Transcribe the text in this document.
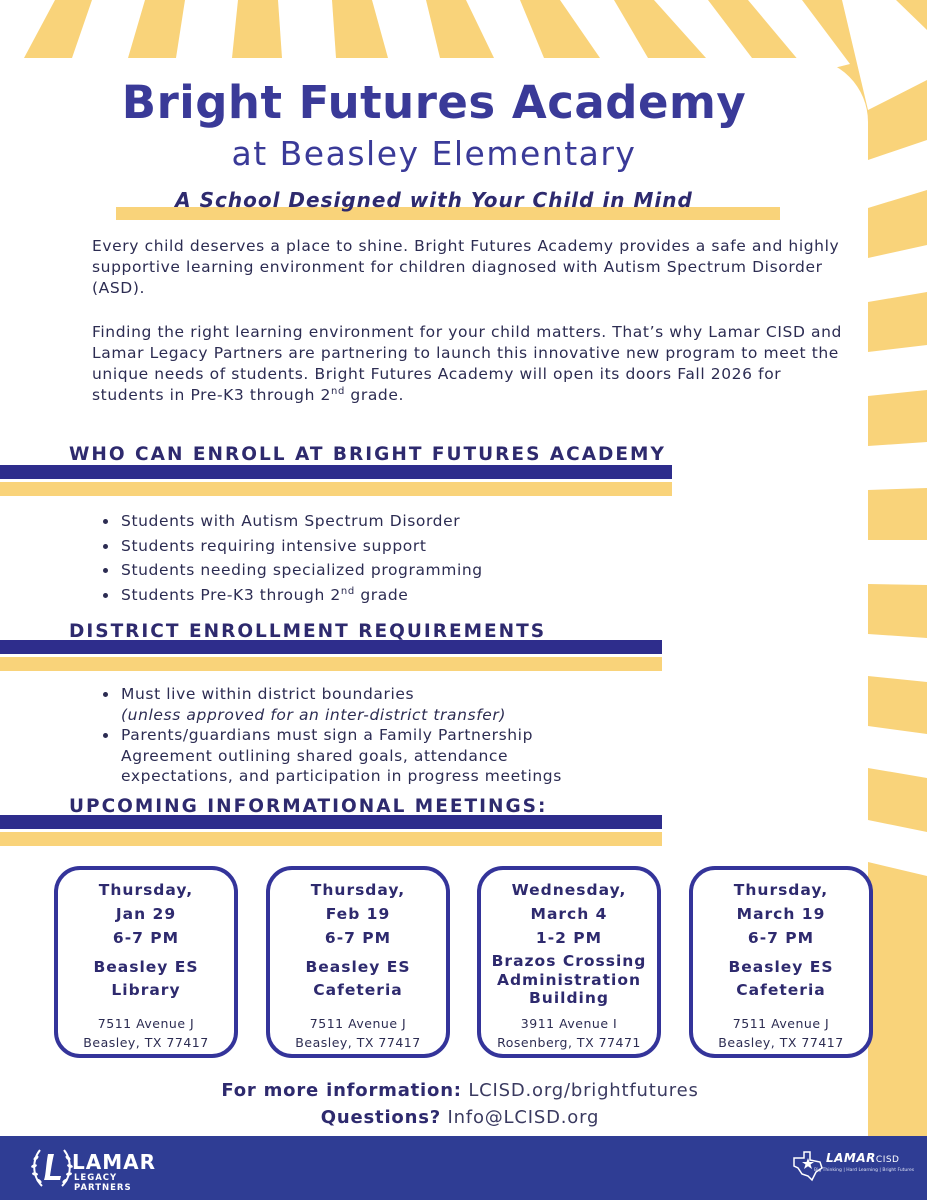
Bright Futures Academy
at Beasley Elementary
A School Designed with Your Child in Mind

Every child deserves a place to shine. Bright Futures Academy provides a safe and highly supportive learning environment for children diagnosed with Autism Spectrum Disorder (ASD).

Finding the right learning environment for your child matters. That’s why Lamar CISD and Lamar Legacy Partners are partnering to launch this innovative new program to meet the unique needs of students. Bright Futures Academy will open its doors Fall 2026 for students in Pre-K3 through 2nd grade.

WHO CAN ENROLL AT BRIGHT FUTURES ACADEMY
Students with Autism Spectrum Disorder
Students requiring intensive support
Students needing specialized programming
Students Pre-K3 through 2nd grade
DISTRICT ENROLLMENT REQUIREMENTS
Must live within district boundaries
(unless approved for an inter-district transfer)
Parents/guardians must sign a Family Partnership Agreement outlining shared goals, attendance expectations, and participation in progress meetings
UPCOMING INFORMATIONAL MEETINGS:
Thursday,
Jan 29
6-7 PM
Beasley ES
Library
7511 Avenue J
Beasley, TX 77417
Thursday,
Feb 19
6-7 PM
Beasley ES
Cafeteria
7511 Avenue J
Beasley, TX 77417
Wednesday,
March 4
1-2 PM
Brazos Crossing
Administration
Building
3911 Avenue I
Rosenberg, TX 77471
Thursday,
March 19
6-7 PM
Beasley ES
Cafeteria
7511 Avenue J
Beasley, TX 77417
For more information: LCISD.org/brightfutures
Questions? Info@LCISD.org
LAMAR
LEGACY PARTNERS
LAMARCISD
Big Thinking | Hard Learning | Bright Futures
